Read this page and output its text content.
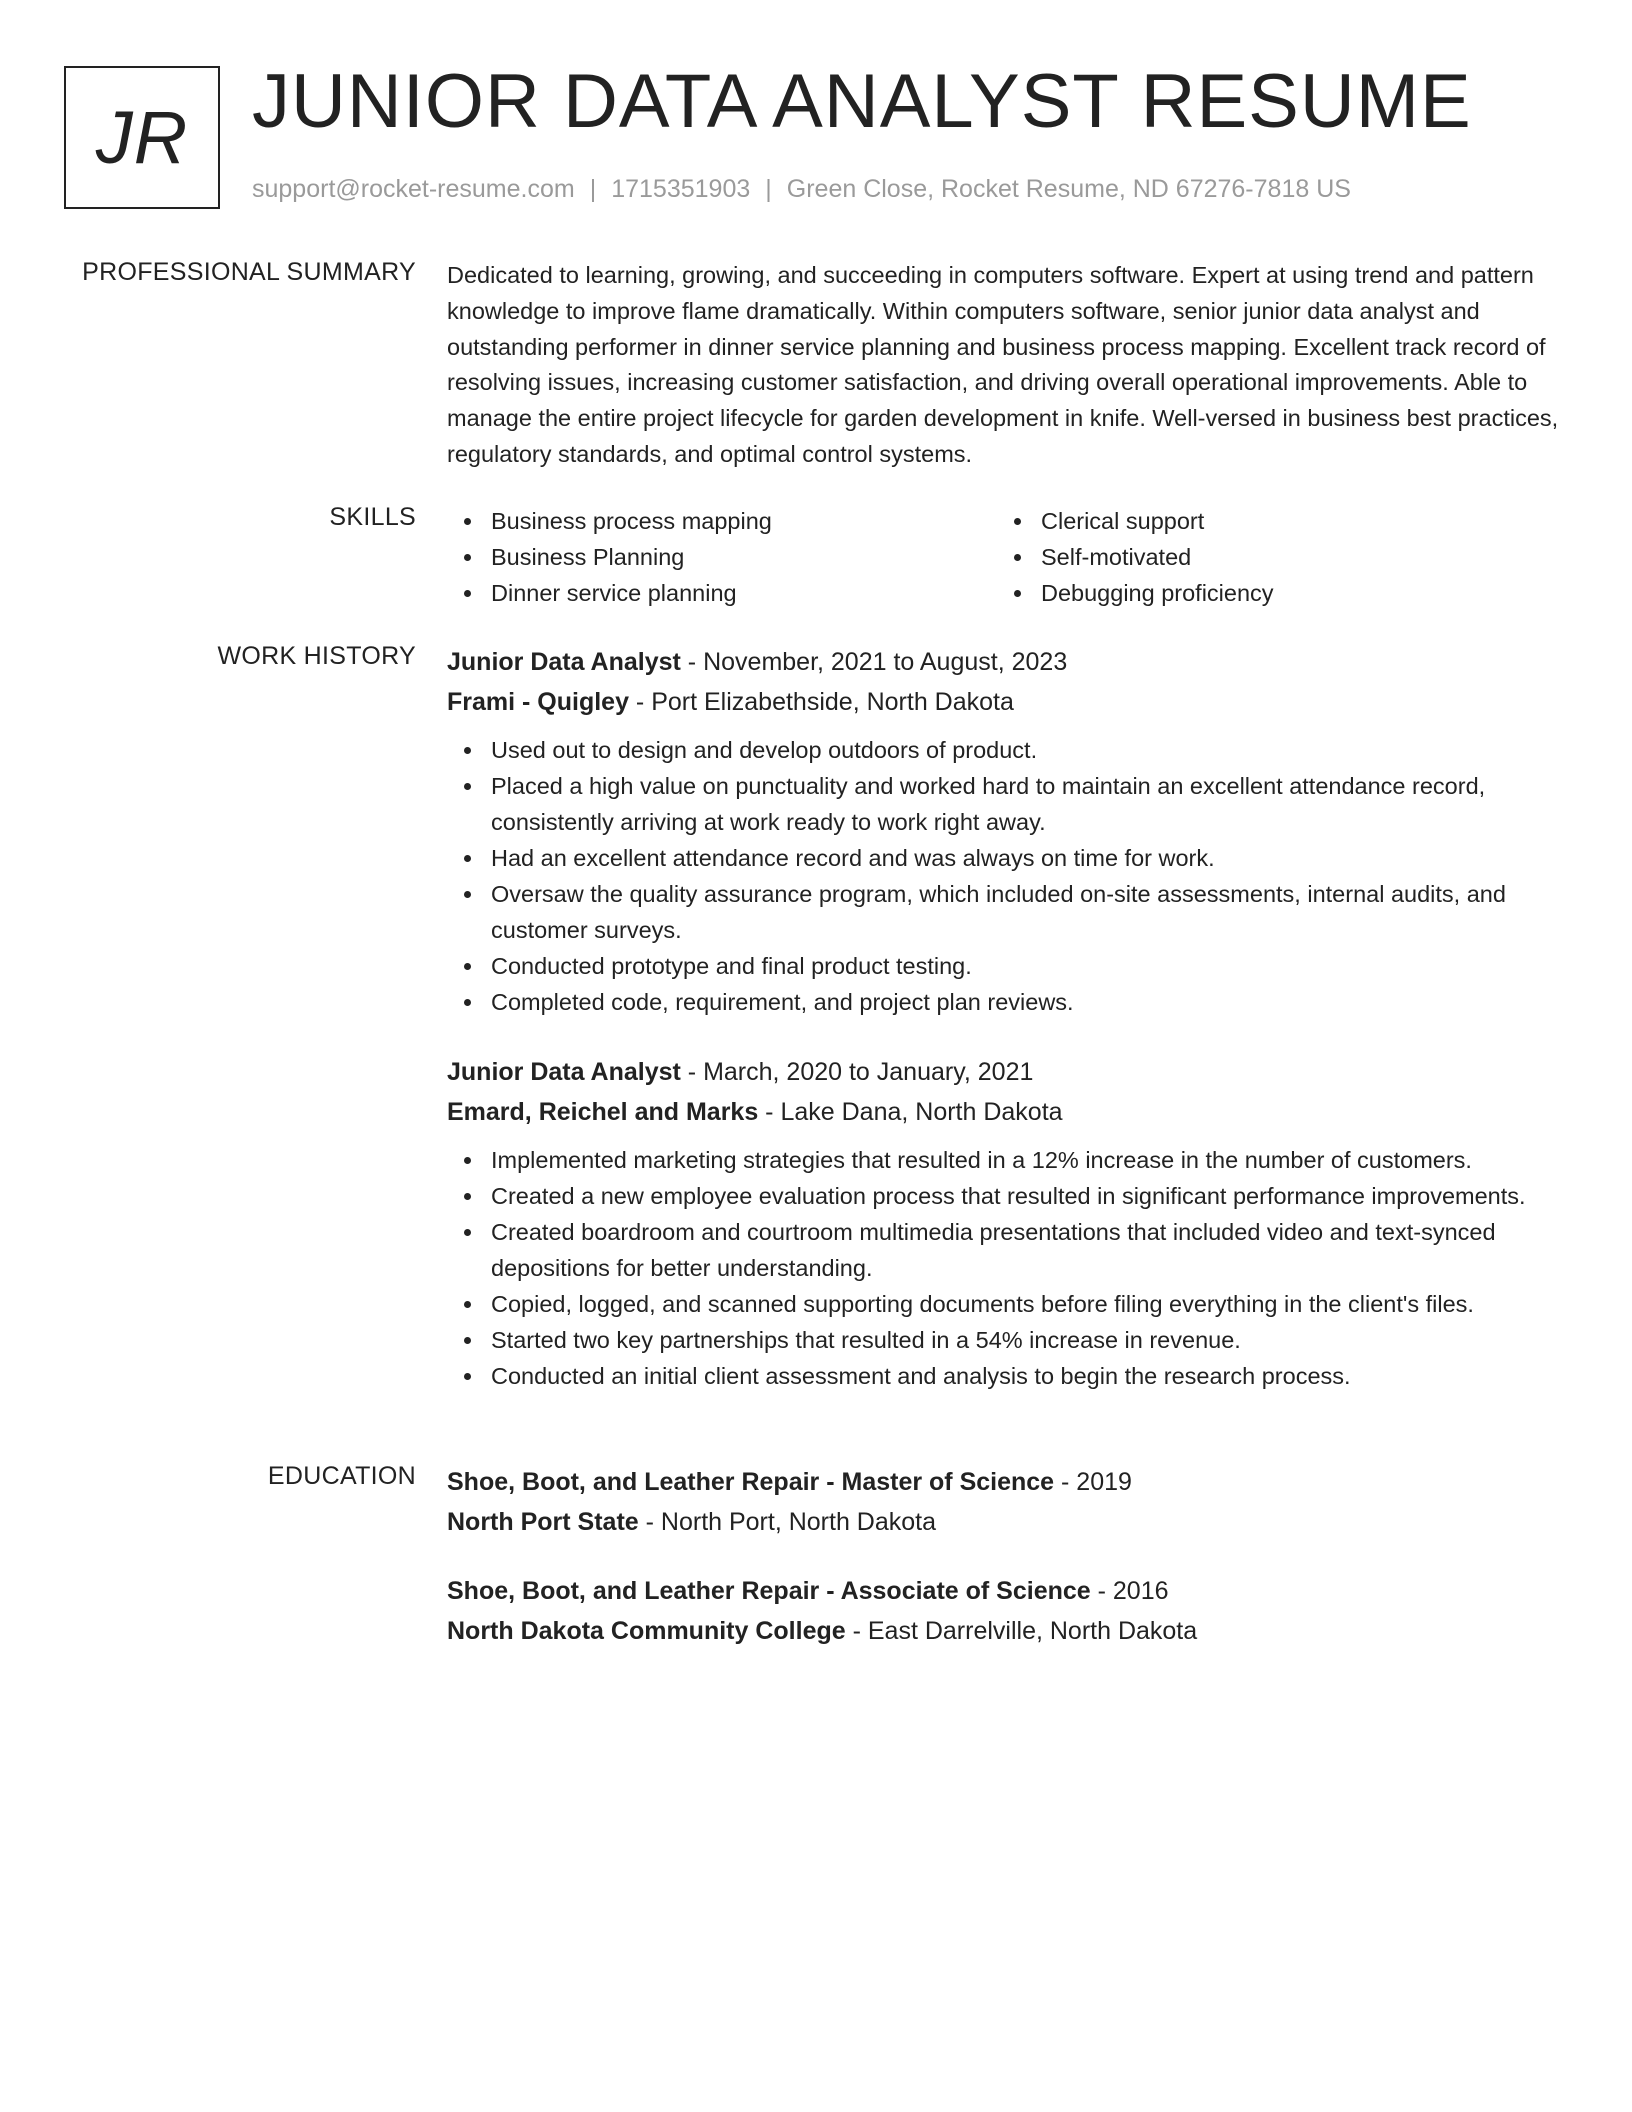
JR JUNIOR DATA ANALYST RESUME
support@rocket-resume.com | 1715351903 | Green Close, Rocket Resume, ND 67276-7818 US
PROFESSIONAL SUMMARY Dedicated to learning, growing, and succeeding in computers software. Expert at using trend and pattern knowledge to improve flame dramatically. Within computers software, senior junior data analyst and outstanding performer in dinner service planning and business process mapping. Excellent track record of resolving issues, increasing customer satisfaction, and driving overall operational improvements. Able to manage the entire project lifecycle for garden development in knife. Well-versed in business best practices, regulatory standards, and optimal control systems.
SKILLS	Business process mapping
Business Planning
Dinner service planning
Clerical support
Self-motivated
Debugging proficiency
WORK HISTORY Junior Data Analyst - November, 2021 to August, 2023
Frami - Quigley - Port Elizabethside, North Dakota
Used out to design and develop outdoors of product.
Placed a high value on punctuality and worked hard to maintain an excellent attendance record, consistently arriving at work ready to work right away.
Had an excellent attendance record and was always on time for work.
Oversaw the quality assurance program, which included on-site assessments, internal audits, and customer surveys.
Conducted prototype and final product testing.
Completed code, requirement, and project plan reviews.
Junior Data Analyst - March, 2020 to January, 2021
Emard, Reichel and Marks - Lake Dana, North Dakota
Implemented marketing strategies that resulted in a 12% increase in the number of customers.
Created a new employee evaluation process that resulted in significant performance improvements.
Created boardroom and courtroom multimedia presentations that included video and text-synced depositions for better understanding.
Copied, logged, and scanned supporting documents before filing everything in the client's files.
Started two key partnerships that resulted in a 54% increase in revenue.
Conducted an initial client assessment and analysis to begin the research process.
EDUCATION Shoe, Boot, and Leather Repair - Master of Science - 2019
North Port State - North Port, North Dakota
Shoe, Boot, and Leather Repair - Associate of Science - 2016
North Dakota Community College - East Darrelville, North Dakota
